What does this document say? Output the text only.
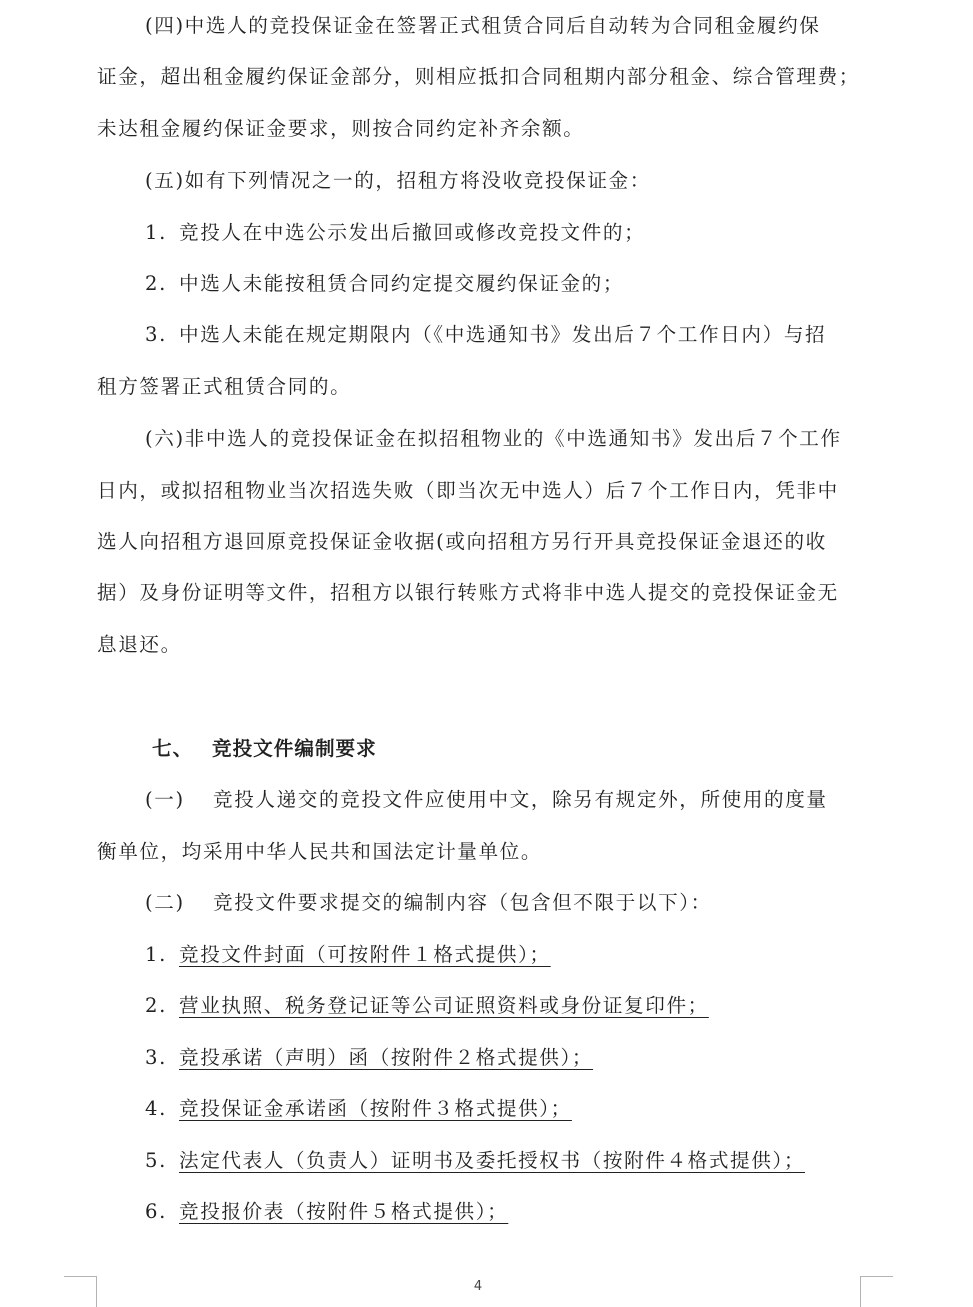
(四)中选人的竞投保证金在签署正式租赁合同后自动转为合同租金履约保
证金，超出租金履约保证金部分，则相应抵扣合同租期内部分租金、综合管理费；
未达租金履约保证金要求，则按合同约定补齐余额。
(五)如有下列情况之一的，招租方将没收竞投保证金：
1. 竞投人在中选公示发出后撤回或修改竞投文件的；
2. 中选人未能按租赁合同约定提交履约保证金的；
3. 中选人未能在规定期限内（《中选通知书》发出后７个工作日内）与招
租方签署正式租赁合同的。
(六)非中选人的竞投保证金在拟招租物业的《中选通知书》发出后７个工作
日内，或拟招租物业当次招选失败（即当次无中选人）后７个工作日内，凭非中
选人向招租方退回原竞投保证金收据(或向招租方另行开具竞投保证金退还的收
据）及身份证明等文件，招租方以银行转账方式将非中选人提交的竞投保证金无
息退还。
七、 竞投文件编制要求
(一) 竞投人递交的竞投文件应使用中文，除另有规定外，所使用的度量
衡单位，均采用中华人民共和国法定计量单位。
(二) 竞投文件要求提交的编制内容（包含但不限于以下）：
1. 竞投文件封面（可按附件１格式提供）；
2. 营业执照、税务登记证等公司证照资料或身份证复印件；
3. 竞投承诺（声明）函（按附件２格式提供）；
4. 竞投保证金承诺函（按附件３格式提供）；
5. 法定代表人（负责人）证明书及委托授权书（按附件４格式提供）；
6. 竞投报价表（按附件５格式提供）；
4
